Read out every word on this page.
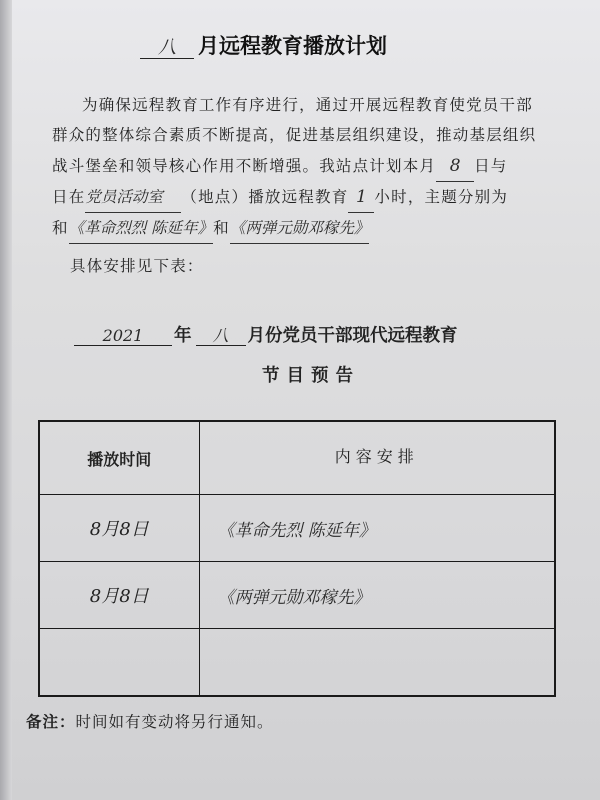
八	月远程教育播放计划
为确保远程教育工作有序进行，通过开展远程教育使党员干部
群众的整体综合素质不断提高，促进基层组织建设，推动基层组织
战斗堡垒和领导核心作用不断增强。我站点计划本月 8 日与
日在党员活动室 （地点）播放远程教育 1 小时，主题分别为
和《革命烈烈 陈延年》和《两弹元勋邓稼先》
具体安排见下表：
2021	年	八	月份党员干部现代远程教育
节目预告
播放时间	内容安排
8月8日	《革命先烈 陈延年》
8月8日	《两弹元勋邓稼先》

备注：时间如有变动将另行通知。
